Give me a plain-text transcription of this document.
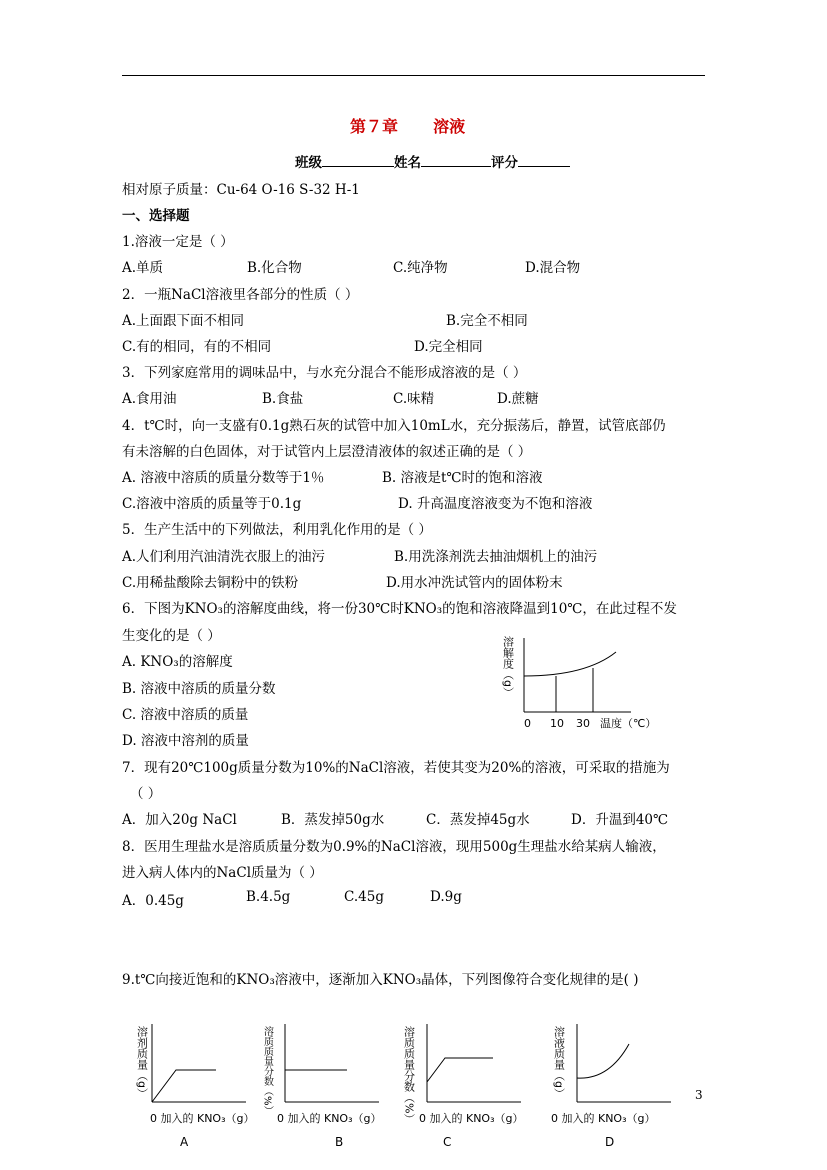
第７章 溶液
班级	姓名	评分
相对原子质量：Cu-64 O-16 S-32 H-1
一、选择题
1.溶液一定是（ ）
A.单质	B.化合物	C.纯净物	D.混合物
2．一瓶NaCl溶液里各部分的性质（ ）
A.上面跟下面不相同	B.完全不相同
C.有的相同，有的不相同	D.完全相同
3．下列家庭常用的调味品中，与水充分混合不能形成溶液的是（ ）
A.食用油	B.食盐	C.味精	D.蔗糖
4．t℃时，向一支盛有0.1g熟石灰的试管中加入10mL水，充分振荡后，静置，试管底部仍
有未溶解的白色固体，对于试管内上层澄清液体的叙述正确的是（ ）
A. 溶液中溶质的质量分数等于1％	B. 溶液是t℃时的饱和溶液
C.溶液中溶质的质量等于0.1g	D. 升高温度溶液变为不饱和溶液
5．生产生活中的下列做法，利用乳化作用的是（ ）
A.人们利用汽油清洗衣服上的油污	B.用洗涤剂洗去抽油烟机上的油污
C.用稀盐酸除去铜粉中的铁粉	D.用水冲洗试管内的固体粉末
6．下图为KNO₃的溶解度曲线，将一份30℃时KNO₃的饱和溶液降温到10℃，在此过程不发
生变化的是（ ）
A. KNO₃的溶解度
B. 溶液中溶质的质量分数
C. 溶液中溶质的质量
D. 溶液中溶剂的质量
溶解度（g）
0 10 30 温度（℃）
7．现有20℃100g质量分数为10%的NaCl溶液，若使其变为20%的溶液，可采取的措施为
（ ）
A．加入20g NaCl	B．蒸发掉50g水	C．蒸发掉45g水	D．升温到40℃
8．医用生理盐水是溶质质量分数为0.9%的NaCl溶液，现用500g生理盐水给某病人输液，
进入病人体内的NaCl质量为（ ）
A．0.45g	B.4.5g	C.45g	D.9g
9.t℃向接近饱和的KNO₃溶液中，逐渐加入KNO₃晶体，下列图像符合变化规律的是( )
溶剂质量（g）
0 加入的 KNO₃（g）
A
溶质质量分数（%）
0 加入的 KNO₃（g）
B
溶质质量分数（%） 0 加入的 KNO₃（g）
C
溶液质量（g）
0 加入的 KNO₃（g）
D
3
